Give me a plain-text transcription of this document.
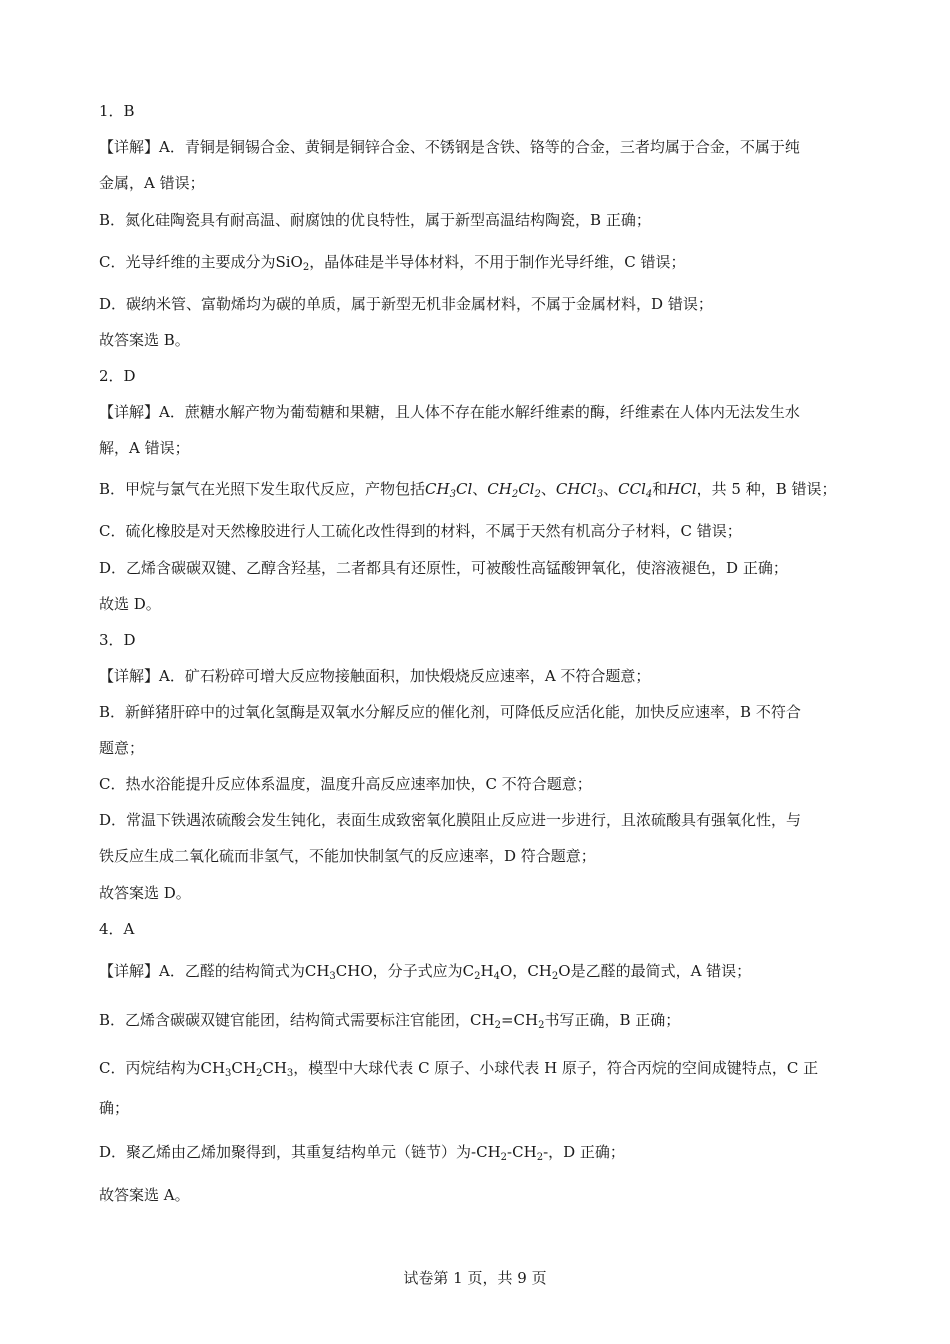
1．B
【详解】A．青铜是铜锡合金、黄铜是铜锌合金、不锈钢是含铁、铬等的合金，三者均属于合金，不属于纯
金属，A 错误；
B．氮化硅陶瓷具有耐高温、耐腐蚀的优良特性，属于新型高温结构陶瓷，B 正确；
C．光导纤维的主要成分为SiO$_2$，晶体硅是半导体材料，不用于制作光导纤维，C 错误；
D．碳纳米管、富勒烯均为碳的单质，属于新型无机非金属材料，不属于金属材料，D 错误；
故答案选 B。
2．D
【详解】A．蔗糖水解产物为葡萄糖和果糖，且人体不存在能水解纤维素的酶，纤维素在人体内无法发生水
解，A 错误；
B．甲烷与氯气在光照下发生取代反应，产物包括$CH_3Cl$、$CH_2Cl_2$、CHCl$_3$、CCl$_4$和HCl，共 5 种，B 错误；
C．硫化橡胶是对天然橡胶进行人工硫化改性得到的材料，不属于天然有机高分子材料，C 错误；
D．乙烯含碳碳双键、乙醇含羟基，二者都具有还原性，可被酸性高锰酸钾氧化，使溶液褪色，D 正确；
故选 D。
3．D
【详解】A．矿石粉碎可增大反应物接触面积，加快煅烧反应速率，A 不符合题意；
B．新鲜猪肝碎中的过氧化氢酶是双氧水分解反应的催化剂，可降低反应活化能，加快反应速率，B 不符合
题意；
C．热水浴能提升反应体系温度，温度升高反应速率加快，C 不符合题意；
D．常温下铁遇浓硫酸会发生钝化，表面生成致密氧化膜阻止反应进一步进行，且浓硫酸具有强氧化性，与
铁反应生成二氧化硫而非氢气，不能加快制氢气的反应速率，D 符合题意；
故答案选 D。
4．A
【详解】A．乙醛的结构简式为$CH_3CHO$，分子式应为$C_2H_4O$，$CH_2O$是乙醛的最简式，A 错误；
B．乙烯含碳碳双键官能团，结构简式需要标注官能团，$CH_2=CH_2$书写正确，B 正确；
C．丙烷结构为$CH_3CH_2CH_3$，模型中大球代表 C 原子、小球代表 H 原子，符合丙烷的空间成键特点，C 正
确；
D．聚乙烯由乙烯加聚得到，其重复结构单元（链节）为$-CH_2-CH_2-$，D 正确；
故答案选 A。
试卷第 1 页，共 9 页
